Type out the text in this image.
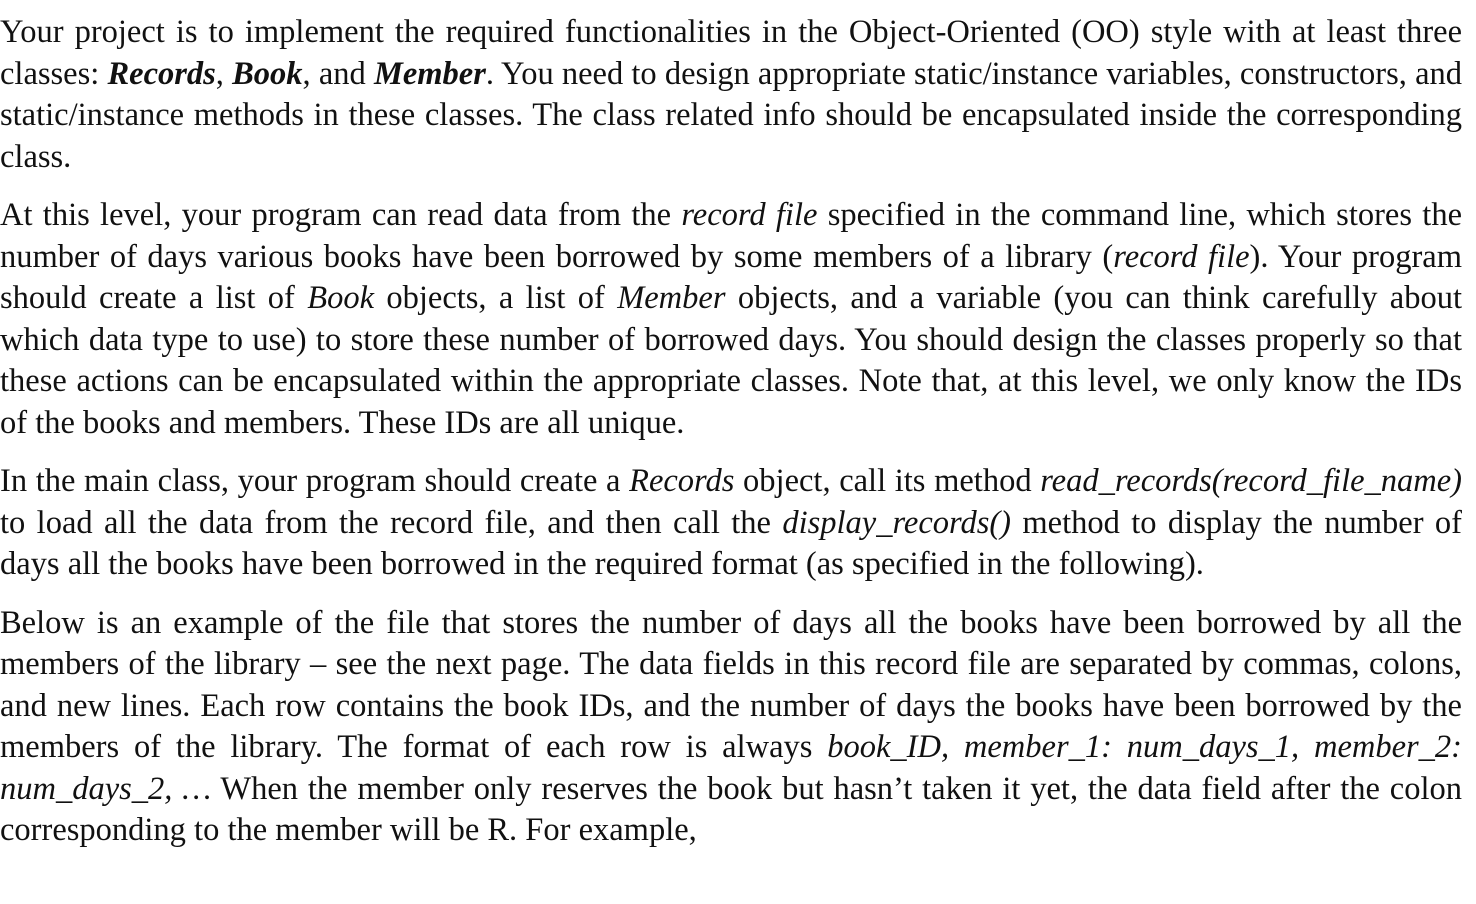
Your project is to implement the required functionalities in the Object-Oriented (OO) style with at least three classes: Records, Book, and Member. You need to design appropriate static/instance variables, constructors, and static/instance methods in these classes. The class related info should be encapsulated inside the corresponding class.

At this level, your program can read data from the record file specified in the command line, which stores the number of days various books have been borrowed by some members of a library (record file). Your program should create a list of Book objects, a list of Member objects, and a variable (you can think carefully about which data type to use) to store these number of borrowed days. You should design the classes properly so that these actions can be encapsulated within the appropriate classes. Note that, at this level, we only know the IDs of the books and members. These IDs are all unique.

In the main class, your program should create a Records object, call its method read_records(record_file_name) to load all the data from the record file, and then call the display_records() method to display the number of days all the books have been borrowed in the required format (as specified in the following).

Below is an example of the file that stores the number of days all the books have been borrowed by all the members of the library – see the next page. The data fields in this record file are separated by commas, colons, and new lines. Each row contains the book IDs, and the number of days the books have been borrowed by the members of the library. The format of each row is always book_ID, member_1: num_days_1, member_2: num_days_2, … When the member only reserves the book but hasn’t taken it yet, the data field after the colon corresponding to the member will be R. For example,
